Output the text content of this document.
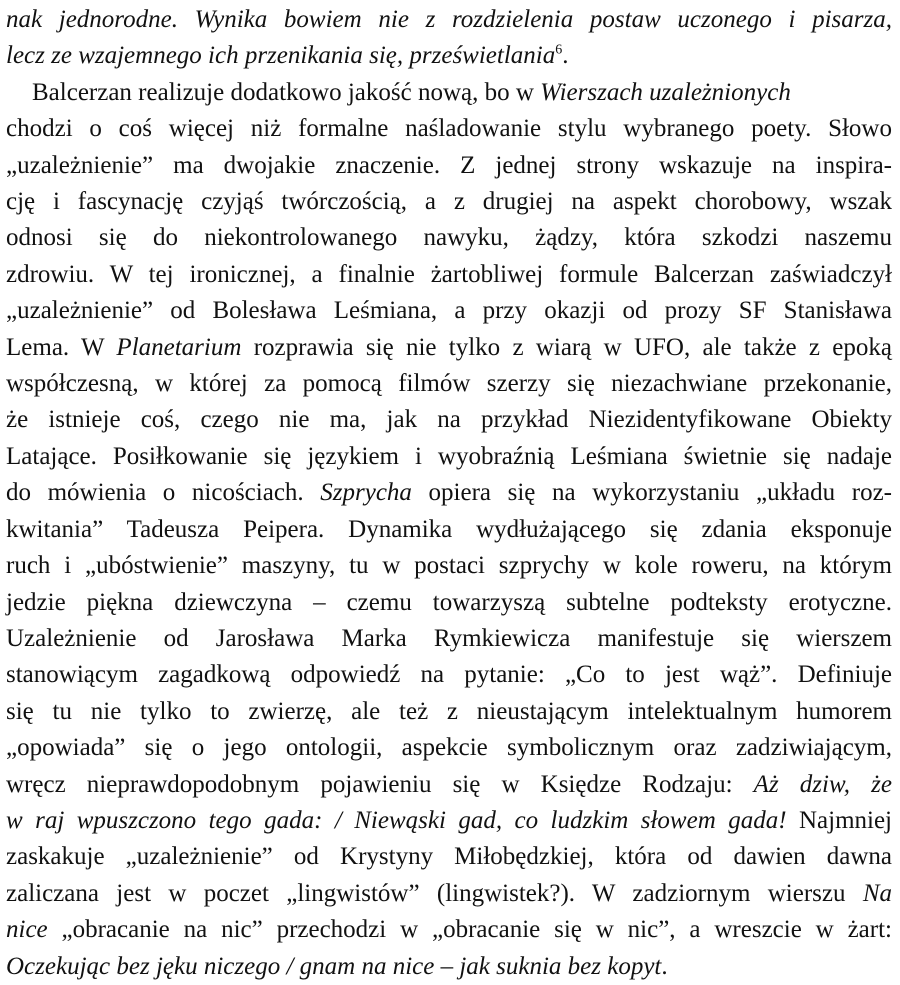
nak jednorodne. Wynika bowiem nie z rozdzielenia postaw uczonego i pisarza,
lecz ze wzajemnego ich przenikania się, prześwietlania$^6$.
Balcerzan realizuje dodatkowo jakość nową, bo w Wierszach uzależnionych
chodzi o coś więcej niż formalne naśladowanie stylu wybranego poety. Słowo
„uzależnienie” ma dwojakie znaczenie. Z jednej strony wskazuje na inspira-
cję i fascynację czyjąś twórczością, a z drugiej na aspekt chorobowy, wszak
odnosi się do niekontrolowanego nawyku, żądzy, która szkodzi naszemu
zdrowiu. W tej ironicznej, a finalnie żartobliwej formule Balcerzan zaświadczył
„uzależnienie” od Bolesława Leśmiana, a przy okazji od prozy SF Stanisława
Lema. W Planetarium rozprawia się nie tylko z wiarą w UFO, ale także z epoką
współczesną, w której za pomocą filmów szerzy się niezachwiane przekonanie,
że istnieje coś, czego nie ma, jak na przykład Niezidentyfikowane Obiekty
Latające. Posiłkowanie się językiem i wyobraźnią Leśmiana świetnie się nadaje
do mówienia o nicościach. Szprycha opiera się na wykorzystaniu „układu roz-
kwitania” Tadeusza Peipera. Dynamika wydłużającego się zdania eksponuje
ruch i „ubóstwienie” maszyny, tu w postaci szprychy w kole roweru, na którym
jedzie piękna dziewczyna – czemu towarzyszą subtelne podteksty erotyczne.
Uzależnienie od Jarosława Marka Rymkiewicza manifestuje się wierszem
stanowiącym zagadkową odpowiedź na pytanie: „Co to jest wąż”. Definiuje
się tu nie tylko to zwierzę, ale też z nieustającym intelektualnym humorem
„opowiada” się o jego ontologii, aspekcie symbolicznym oraz zadziwiającym,
wręcz nieprawdopodobnym pojawieniu się w Księdze Rodzaju: Aż dziw, że
w raj wpuszczono tego gada: / Niewąski gad, co ludzkim słowem gada! Najmniej
zaskakuje „uzależnienie” od Krystyny Miłobędzkiej, która od dawien dawna
zaliczana jest w poczet „lingwistów” (lingwistek?). W zadziornym wierszu Na
nice „obracanie na nic” przechodzi w „obracanie się w nic”, a wreszcie w żart:
Oczekując bez jęku niczego / gnam na nice – jak suknia bez kopyt.
